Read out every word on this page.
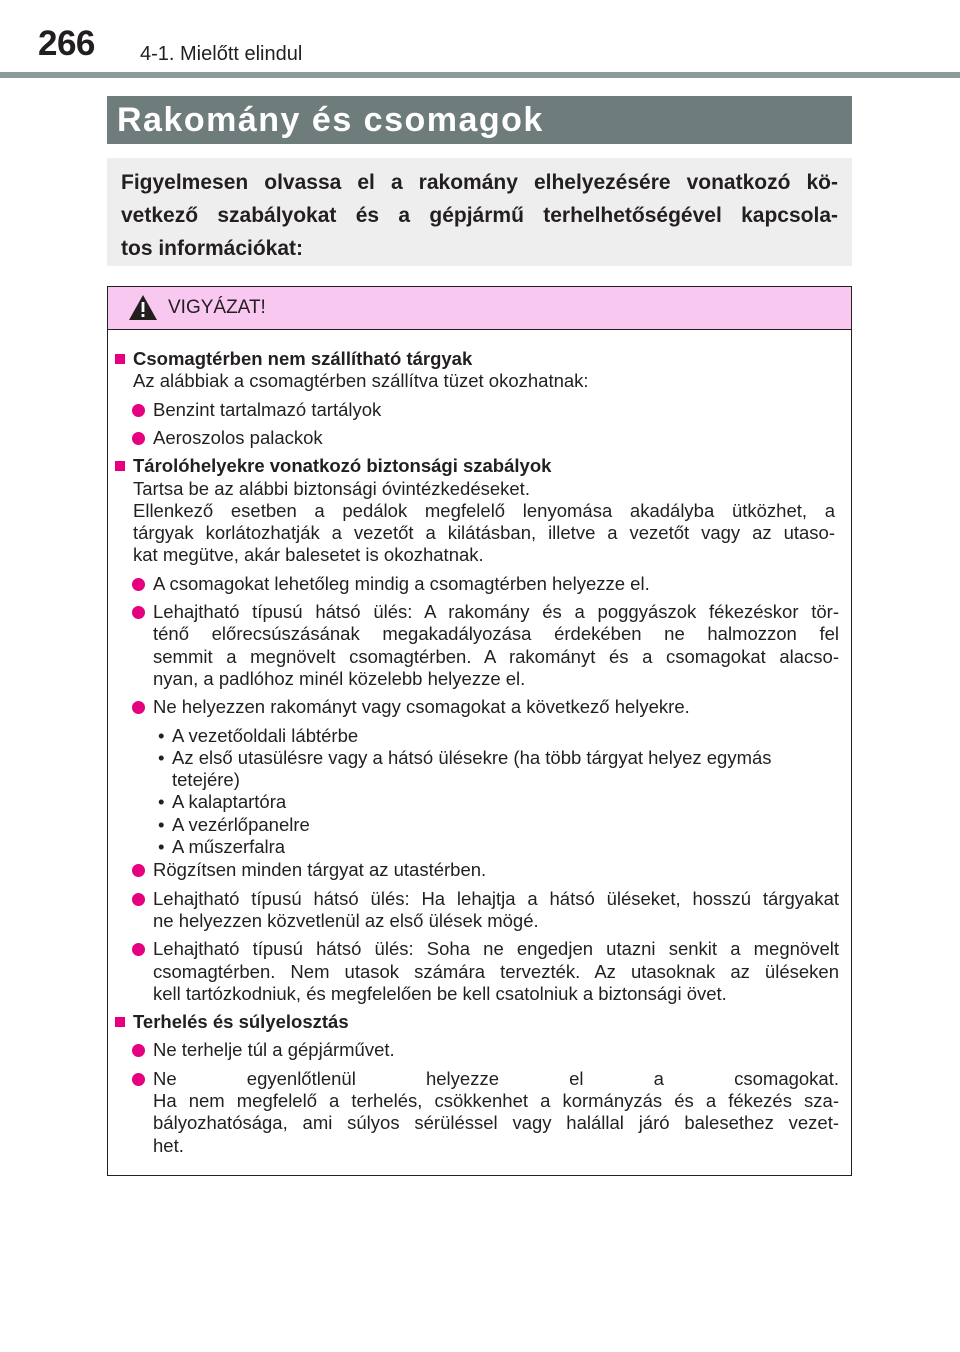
266 4-1. Mielőtt elindul
Rakomány és csomagok
Figyelmesen olvassa el a rakomány elhelyezésére vonatkozó kö-
vetkező szabályokat és a gépjármű terhelhetőségével kapcsola-
tos információkat:
VIGYÁZAT!
Csomagtérben nem szállítható tárgyak
Az alábbiak a csomagtérben szállítva tüzet okozhatnak:
Benzint tartalmazó tartályok
Aeroszolos palackok
Tárolóhelyekre vonatkozó biztonsági szabályok
Tartsa be az alábbi biztonsági óvintézkedéseket.
Ellenkező esetben a pedálok megfelelő lenyomása akadályba ütközhet, a
tárgyak korlátozhatják a vezetőt a kilátásban, illetve a vezetőt vagy az utaso-
kat megütve, akár balesetet is okozhatnak.
A csomagokat lehetőleg mindig a csomagtérben helyezze el.
Lehajtható típusú hátsó ülés: A rakomány és a poggyászok fékezéskor tör-
ténő előrecsúszásának megakadályozása érdekében ne halmozzon fel
semmit a megnövelt csomagtérben. A rakományt és a csomagokat alacso-
nyan, a padlóhoz minél közelebb helyezze el.
Ne helyezzen rakományt vagy csomagokat a következő helyekre.
• A vezetőoldali lábtérbe
• Az első utasülésre vagy a hátsó ülésekre (ha több tárgyat helyez egymás
tetejére)
• A kalaptartóra
• A vezérlőpanelre
• A műszerfalra
Rögzítsen minden tárgyat az utastérben.
Lehajtható típusú hátsó ülés: Ha lehajtja a hátsó üléseket, hosszú tárgyakat
ne helyezzen közvetlenül az első ülések mögé.
Lehajtható típusú hátsó ülés: Soha ne engedjen utazni senkit a megnövelt
csomagtérben. Nem utasok számára tervezték. Az utasoknak az üléseken
kell tartózkodniuk, és megfelelően be kell csatolniuk a biztonsági övet.
Terhelés és súlyelosztás
Ne terhelje túl a gépjárművet.
Ne egyenlőtlenül helyezze el a csomagokat.
Ha nem megfelelő a terhelés, csökkenhet a kormányzás és a fékezés sza-
bályozhatósága, ami súlyos sérüléssel vagy halállal járó balesethez vezet-
het.
